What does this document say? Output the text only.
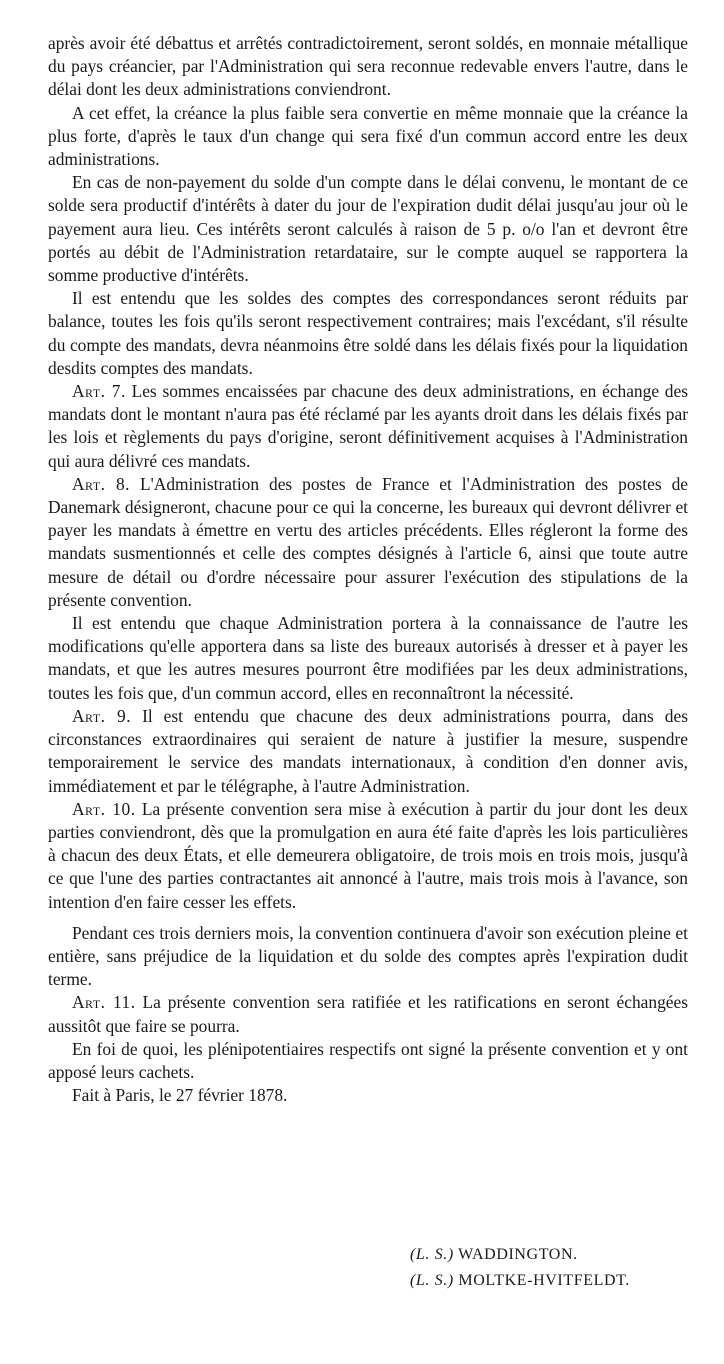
après avoir été débattus et arrêtés contradictoirement, seront soldés, en monnaie métallique du pays créancier, par l'Administration qui sera reconnue redevable envers l'autre, dans le délai dont les deux administrations conviendront.

A cet effet, la créance la plus faible sera convertie en même monnaie que la créance la plus forte, d'après le taux d'un change qui sera fixé d'un commun accord entre les deux administrations.

En cas de non-payement du solde d'un compte dans le délai convenu, le montant de ce solde sera productif d'intérêts à dater du jour de l'expiration dudit délai jusqu'au jour où le payement aura lieu. Ces intérêts seront calculés à raison de 5 p. o/o l'an et devront être portés au débit de l'Administration retardataire, sur le compte auquel se rapportera la somme productive d'intérêts.

Il est entendu que les soldes des comptes des correspondances seront réduits par balance, toutes les fois qu'ils seront respectivement contraires; mais l'excédant, s'il résulte du compte des mandats, devra néanmoins être soldé dans les délais fixés pour la liquidation desdits comptes des mandats.

Art. 7. Les sommes encaissées par chacune des deux administrations, en échange des mandats dont le montant n'aura pas été réclamé par les ayants droit dans les délais fixés par les lois et règlements du pays d'origine, seront définitivement acquises à l'Administration qui aura délivré ces mandats.

Art. 8. L'Administration des postes de France et l'Administration des postes de Danemark désigneront, chacune pour ce qui la concerne, les bureaux qui devront délivrer et payer les mandats à émettre en vertu des articles précédents. Elles régleront la forme des mandats susmentionnés et celle des comptes désignés à l'article 6, ainsi que toute autre mesure de détail ou d'ordre nécessaire pour assurer l'exécution des stipulations de la présente convention.

Il est entendu que chaque Administration portera à la connaissance de l'autre les modifications qu'elle apportera dans sa liste des bureaux autorisés à dresser et à payer les mandats, et que les autres mesures pourront être modifiées par les deux administrations, toutes les fois que, d'un commun accord, elles en reconnaîtront la nécessité.

Art. 9. Il est entendu que chacune des deux administrations pourra, dans des circonstances extraordinaires qui seraient de nature à justifier la mesure, suspendre temporairement le service des mandats internationaux, à condition d'en donner avis, immédiatement et par le télégraphe, à l'autre Administration.

Art. 10. La présente convention sera mise à exécution à partir du jour dont les deux parties conviendront, dès que la promulgation en aura été faite d'après les lois particulières à chacun des deux États, et elle demeurera obligatoire, de trois mois en trois mois, jusqu'à ce que l'une des parties contractantes ait annoncé à l'autre, mais trois mois à l'avance, son intention d'en faire cesser les effets.

Pendant ces trois derniers mois, la convention continuera d'avoir son exécution pleine et entière, sans préjudice de la liquidation et du solde des comptes après l'expiration dudit terme.

Art. 11. La présente convention sera ratifiée et les ratifications en seront échangées aussitôt que faire se pourra.

En foi de quoi, les plénipotentiaires respectifs ont signé la présente convention et y ont apposé leurs cachets.

Fait à Paris, le 27 février 1878.

(L. S.) WADDINGTON.
(L. S.) MOLTKE-HVITFELDT.
